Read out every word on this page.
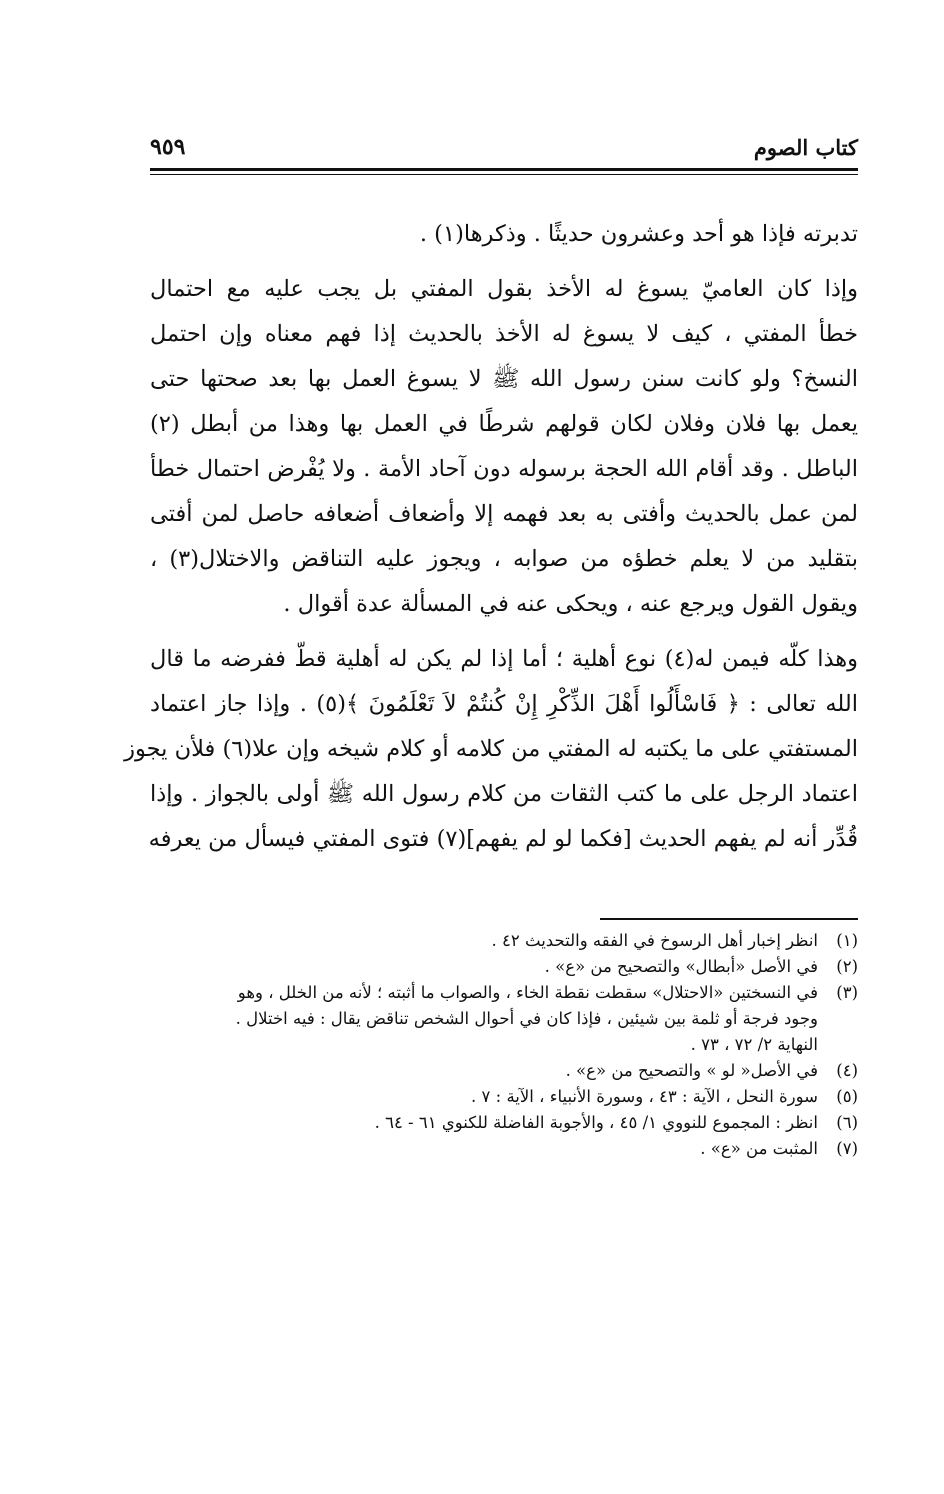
كتاب الصوم
٩٥٩
تدبرته فإذا هو أحد وعشرون حديثًا . وذكرها(١) .
وإذا كان العاميّ يسوغ له الأخذ بقول المفتي بل يجب عليه مع احتمال
خطأ المفتي ، كيف لا يسوغ له الأخذ بالحديث إذا فهم معناه وإن احتمل
النسخ؟ ولو كانت سنن رسول الله ﷺ لا يسوغ العمل بها بعد صحتها حتى
يعمل بها فلان وفلان لكان قولهم شرطًا في العمل بها وهذا من أبطل (٢)
الباطل . وقد أقام الله الحجة برسوله دون آحاد الأمة . ولا يُفْرض احتمال خطأ
لمن عمل بالحديث وأفتى به بعد فهمه إلا وأضعاف أضعافه حاصل لمن أفتى
بتقليد من لا يعلم خطؤه من صوابه ، ويجوز عليه التناقض والاختلال(٣) ،
ويقول القول ويرجع عنه ، ويحكى عنه في المسألة عدة أقوال .
وهذا كلّه فيمن له(٤) نوع أهلية ؛ أما إذا لم يكن له أهلية قطّ ففرضه ما قال
الله تعالى : ﴿ فَاسْأَلُوا أَهْلَ الذِّكْرِ إِنْ كُنتُمْ لاَ تَعْلَمُونَ ﴾(٥) . وإذا جاز اعتماد
المستفتي على ما يكتبه له المفتي من كلامه أو كلام شيخه وإن علا(٦) فلأن يجوز
اعتماد الرجل على ما كتب الثقات من كلام رسول الله ﷺ أولى بالجواز . وإذا
قُدِّر أنه لم يفهم الحديث [فكما لو لم يفهم](٧) فتوى المفتي فيسأل من يعرفه
(١)
انظر إخبار أهل الرسوخ في الفقه والتحديث ٤٢ .
(٢)
في الأصل «أبطال» والتصحيح من «ع» .
(٣)
في النسختين «الاحتلال» سقطت نقطة الخاء ، والصواب ما أثبته ؛ لأنه من الخلل ، وهو
وجود فرجة أو ثلمة بين شيئين ، فإذا كان في أحوال الشخص تناقض يقال : فيه اختلال .
النهاية ٢/ ٧٢ ، ٧٣ .
(٤)
في الأصل« لو » والتصحيح من «ع» .
(٥)
سورة النحل ، الآية : ٤٣ ، وسورة الأنبياء ، الآية : ٧ .
(٦)
انظر : المجموع للنووي ١/ ٤٥ ، والأجوبة الفاضلة للكنوي ٦١ - ٦٤ .
(٧)
المثبت من «ع» .
